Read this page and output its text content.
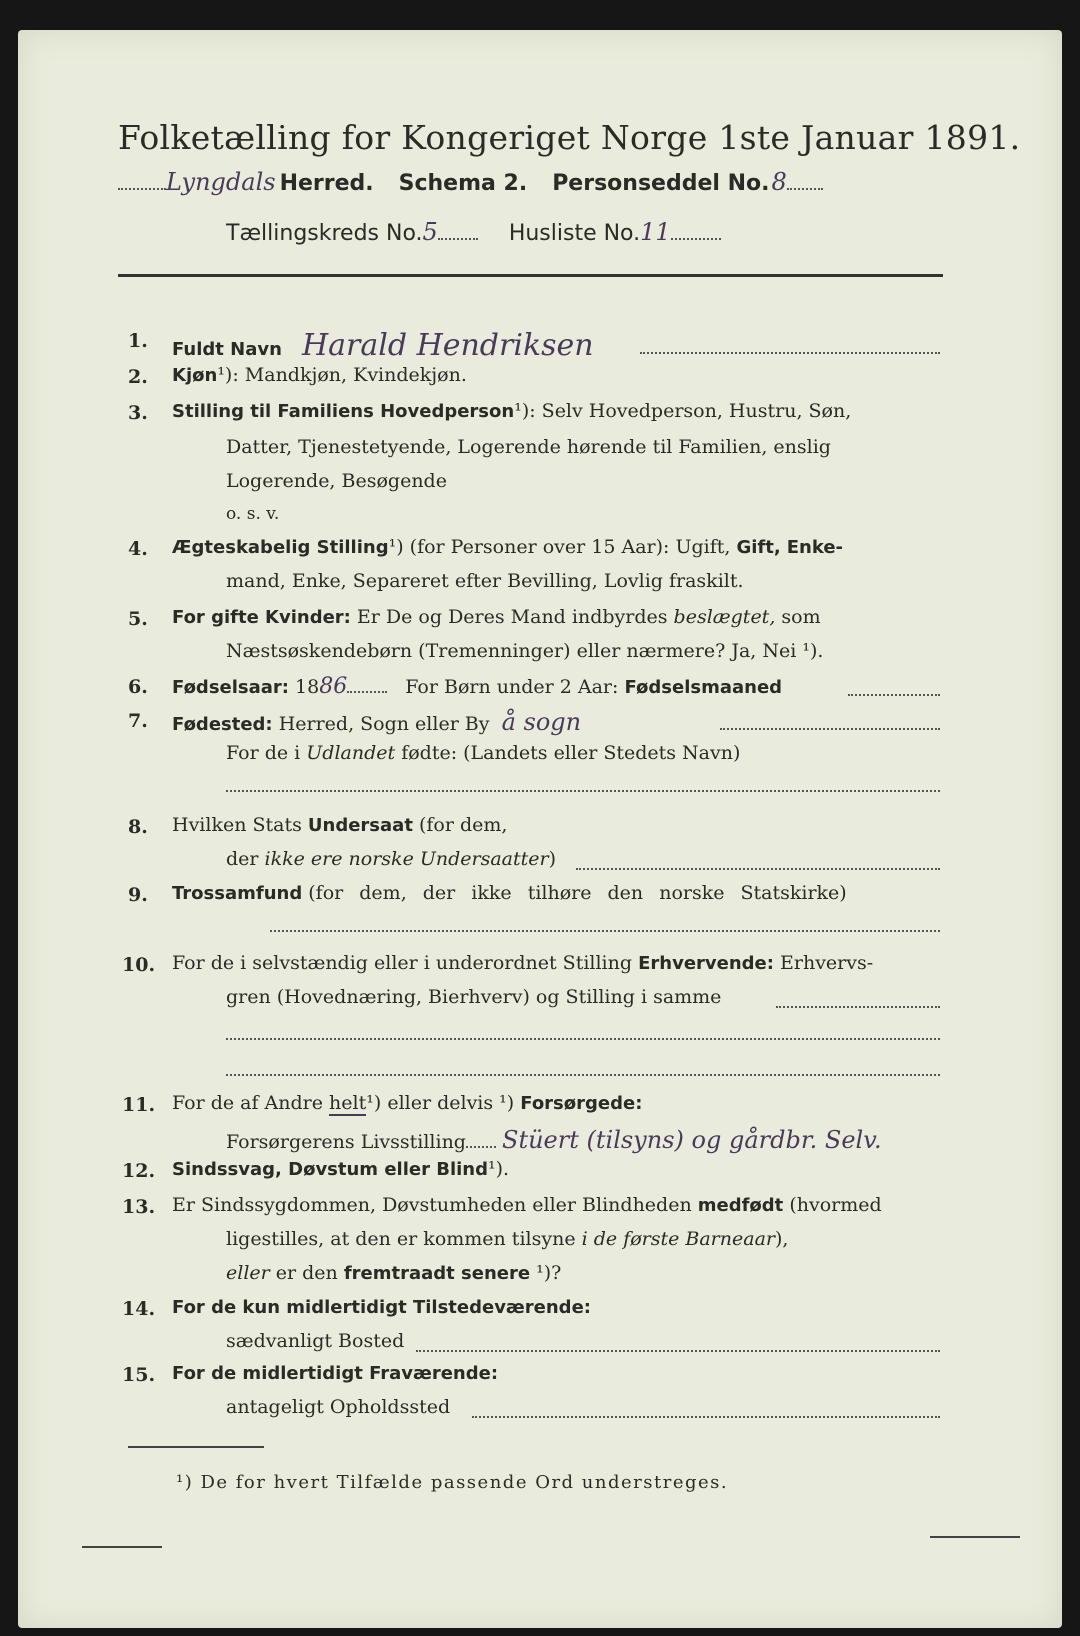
Folketælling for Kongeriget Norge 1ste Januar 1891.
Lyngdals Herred. Schema 2. Personseddel No.8
Tællingskreds No.5	Husliste No.11
1. Fuldt Navn Harald Hendriksen
2. Kjøn¹): Mandkjøn, Kvindekjøn.
3. Stilling til Familiens Hovedperson¹): Selv Hovedperson, Hustru, Søn,
Datter, Tjenestetyende, Logerende hørende til Familien, enslig
Logerende, Besøgende
o. s. v.
4. Ægteskabelig Stilling¹) (for Personer over 15 Aar): Ugift, Gift, Enke-
mand, Enke, Separeret efter Bevilling, Lovlig fraskilt.
5. For gifte Kvinder: Er De og Deres Mand indbyrdes beslægtet, som
Næstsøskendebørn (Tremenninger) eller nærmere? Ja, Nei ¹).
6. Fødselsaar: 1886	For Børn under 2 Aar: Fødselsmaaned
7. Fødested: Herred, Sogn eller By å sogn
For de i Udlandet fødte: (Landets eller Stedets Navn)
8. Hvilken Stats Undersaat (for dem,
der ikke ere norske Undersaatter)
9. Trossamfund (for dem, der ikke tilhøre den norske Statskirke)
10. For de i selvstændig eller i underordnet Stilling Erhvervende: Erhvervs-
gren (Hovednæring, Bierhverv) og Stilling i samme
11. For de af Andre helt¹) eller delvis ¹) Forsørgede:
Forsørgerens Livsstilling Stüert (tilsyns) og gårdbr. Selv.
12. Sindssvag, Døvstum eller Blind¹).
13. Er Sindssygdommen, Døvstumheden eller Blindheden medfødt (hvormed
ligestilles, at den er kommen tilsyne i de første Barneaar),
eller er den fremtraadt senere ¹)?
14. For de kun midlertidigt Tilstedeværende:
sædvanligt Bosted
15. For de midlertidigt Fraværende:
antageligt Opholdssted
¹) De for hvert Tilfælde passende Ord understreges.
